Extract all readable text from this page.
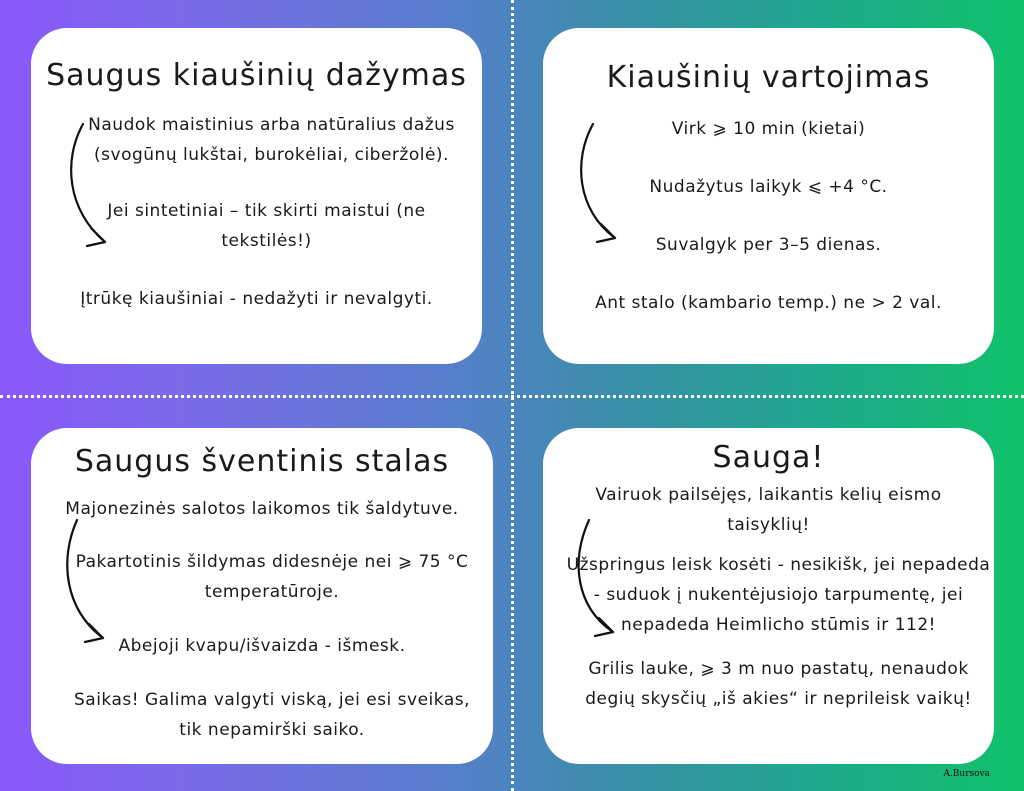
Saugus kiaušinių dažymas

Naudok maistinius arba natūralius dažus (svogūnų lukštai, burokėliai, ciberžolė).

Jei sintetiniai – tik skirti maistui (ne tekstilės!)

Įtrūkę kiaušiniai - nedažyti ir nevalgyti.

Kiaušinių vartojimas

Virk ⩾ 10 min (kietai)

Nudažytus laikyk ⩽ +4 °C.

Suvalgyk per 3–5 dienas.

Ant stalo (kambario temp.) ne > 2 val.

Saugus šventinis stalas

Majonezinės salotos laikomos tik šaldytuve.

Pakartotinis šildymas didesnėje nei ⩾ 75 °C temperatūroje.

Abejoji kvapu/išvaizda - išmesk.

Saikas! Galima valgyti viską, jei esi sveikas, tik nepamirški saiko.

Sauga!

Vairuok pailsėjęs, laikantis kelių eismo taisyklių!

Užspringus leisk kosėti - nesikišk, jei nepadeda - suduok į nukentėjusiojo tarpumentę, jei nepadeda Heimlicho stūmis ir 112!

Grilis lauke, ⩾ 3 m nuo pastatų, nenaudok degių skysčių „iš akies“ ir neprileisk vaikų!

A.Bursova
